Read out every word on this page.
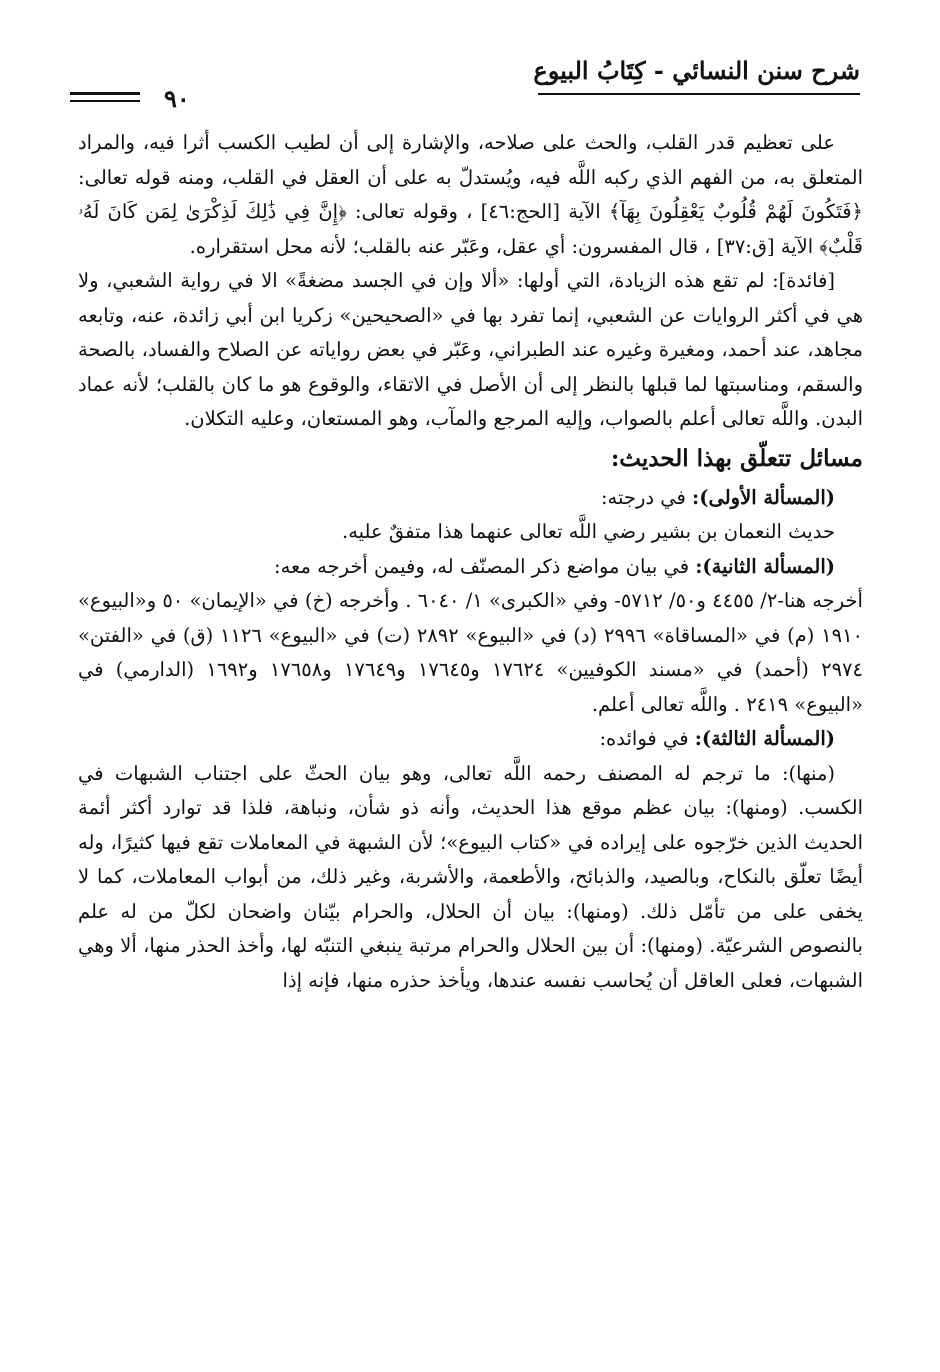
شرح سنن النسائي - كِتَابُ البيوع
٩٠

على تعظيم قدر القلب، والحث على صلاحه، والإشارة إلى أن لطيب الكسب أثرا فيه، والمراد المتعلق به، من الفهم الذي ركبه اللَّه فيه، ويُستدلّ به على أن العقل في القلب، ومنه قوله تعالى: ﴿فَتَكُونَ لَهُمْ قُلُوبٌ يَعْقِلُونَ بِهَآ﴾ الآية [الحج:٤٦] ، وقوله تعالى: ﴿إِنَّ فِي ذَٰلِكَ لَذِكْرَىٰ لِمَن كَانَ لَهُۥ قَلْبٌ﴾ الآية [ق:٣٧] ، قال المفسرون: أي عقل، وعَبّر عنه بالقلب؛ لأنه محل استقراره.

[فائدة]: لم تقع هذه الزيادة، التي أولها: «ألا وإن في الجسد مضغةً» الا في رواية الشعبي، ولا هي في أكثر الروايات عن الشعبي، إنما تفرد بها في «الصحيحين» زكريا ابن أبي زائدة، عنه، وتابعه مجاهد، عند أحمد، ومغيرة وغيره عند الطبراني، وعَبّر في بعض رواياته عن الصلاح والفساد، بالصحة والسقم، ومناسبتها لما قبلها بالنظر إلى أن الأصل في الاتقاء، والوقوع هو ما كان بالقلب؛ لأنه عماد البدن. واللَّه تعالى أعلم بالصواب، وإليه المرجع والمآب، وهو المستعان، وعليه التكلان.

مسائل تتعلّق بهذا الحديث:

(المسألة الأولى): في درجته:

حديث النعمان بن بشير رضي اللَّه تعالى عنهما هذا متفقٌ عليه.

(المسألة الثانية): في بيان مواضع ذكر المصنّف له، وفيمن أخرجه معه:

أخرجه هنا-٢/ ٤٤٥٥ و٥٠/ ٥٧١٢- وفي «الكبرى» ١/ ٦٠٤٠ . وأخرجه (خ) في «الإيمان» ٥٠ و«البيوع» ١٩١٠ (م) في «المساقاة» ٢٩٩٦ (د) في «البيوع» ٢٨٩٢ (ت) في «البيوع» ١١٢٦ (ق) في «الفتن» ٢٩٧٤ (أحمد) في «مسند الكوفيين» ١٧٦٢٤ و١٧٦٤٥ و١٧٦٤٩ و١٧٦٥٨ و١٦٩٢ (الدارمي) في «البيوع» ٢٤١٩ . واللَّه تعالى أعلم.

(المسألة الثالثة): في فوائده:

(منها): ما ترجم له المصنف رحمه اللَّه تعالى، وهو بيان الحثّ على اجتناب الشبهات في الكسب. (ومنها): بيان عظم موقع هذا الحديث، وأنه ذو شأن، ونباهة، فلذا قد توارد أكثر أئمة الحديث الذين خرّجوه على إيراده في «كتاب البيوع»؛ لأن الشبهة في المعاملات تقع فيها كثيرًا، وله أيضًا تعلّق بالنكاح، وبالصيد، والذبائح، والأطعمة، والأشربة، وغير ذلك، من أبواب المعاملات، كما لا يخفى على من تأمّل ذلك. (ومنها): بيان أن الحلال، والحرام بيّنان واضحان لكلّ من له علم بالنصوص الشرعيّة. (ومنها): أن بين الحلال والحرام مرتبة ينبغي التنبّه لها، وأخذ الحذر منها، ألا وهي الشبهات، فعلى العاقل أن يُحاسب نفسه عندها، ويأخذ حذره منها، فإنه إذا
